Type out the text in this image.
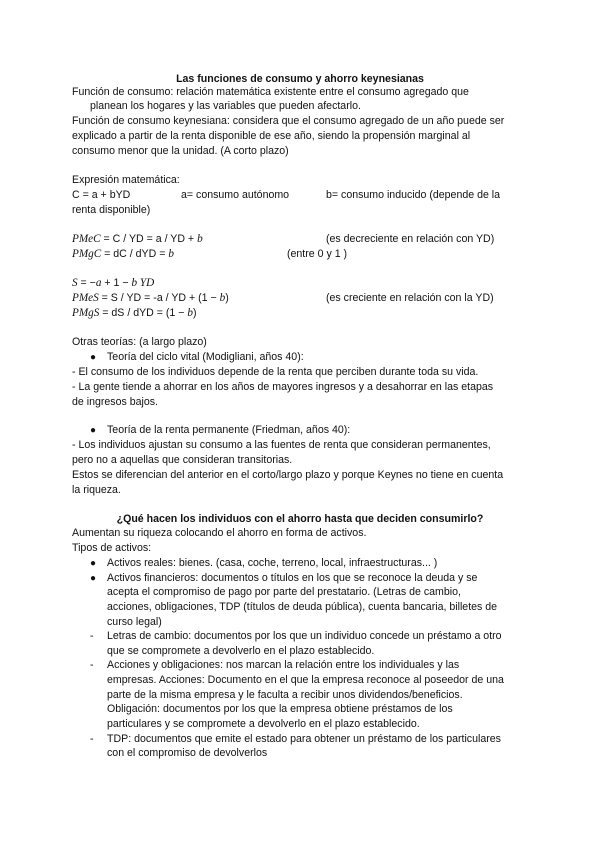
Las funciones de consumo y ahorro keynesianas
Función de consumo: relación matemática existente entre el consumo agregado que
planean los hogares y las variables que pueden afectarlo.
Función de consumo keynesiana: considera que el consumo agregado de un año puede ser
explicado a partir de la renta disponible de ese año, siendo la propensión marginal al
consumo menor que la unidad. (A corto plazo)
Expresión matemática:
C = a + bYD	a= consumo autónomo	b= consumo inducido (depende de la
renta disponible)
PMeC = C / YD = a / YD + b	(es decreciente en relación con YD)
PMgC = dC / dYD = b	(entre 0 y 1 )
S = −a + 1 − b YD
PMeS = S / YD = -a / YD + (1 − b)	(es creciente en relación con la YD)
PMgS = dS / dYD = (1 − b)
Otras teorías: (a largo plazo)
● Teoría del ciclo vital (Modigliani, años 40):
- El consumo de los individuos depende de la renta que perciben durante toda su vida.
- La gente tiende a ahorrar en los años de mayores ingresos y a desahorrar en las etapas
de ingresos bajos.
● Teoría de la renta permanente (Friedman, años 40):
- Los individuos ajustan su consumo a las fuentes de renta que consideran permanentes,
pero no a aquellas que consideran transitorias.
Estos se diferencian del anterior en el corto/largo plazo y porque Keynes no tiene en cuenta
la riqueza.
¿Qué hacen los individuos con el ahorro hasta que deciden consumirlo?
Aumentan su riqueza colocando el ahorro en forma de activos.
Tipos de activos:
● Activos reales: bienes. (casa, coche, terreno, local, infraestructuras... )
● Activos financieros: documentos o títulos en los que se reconoce la deuda y se
acepta el compromiso de pago por parte del prestatario. (Letras de cambio,
acciones, obligaciones, TDP (títulos de deuda pública), cuenta bancaria, billetes de
curso legal)
- Letras de cambio: documentos por los que un individuo concede un préstamo a otro
que se compromete a devolverlo en el plazo establecido.
- Acciones y obligaciones: nos marcan la relación entre los individuales y las
empresas. Acciones: Documento en el que la empresa reconoce al poseedor de una
parte de la misma empresa y le faculta a recibir unos dividendos/beneficios.
Obligación: documentos por los que la empresa obtiene préstamos de los
particulares y se compromete a devolverlo en el plazo establecido.
- TDP: documentos que emite el estado para obtener un préstamo de los particulares
con el compromiso de devolverlos
